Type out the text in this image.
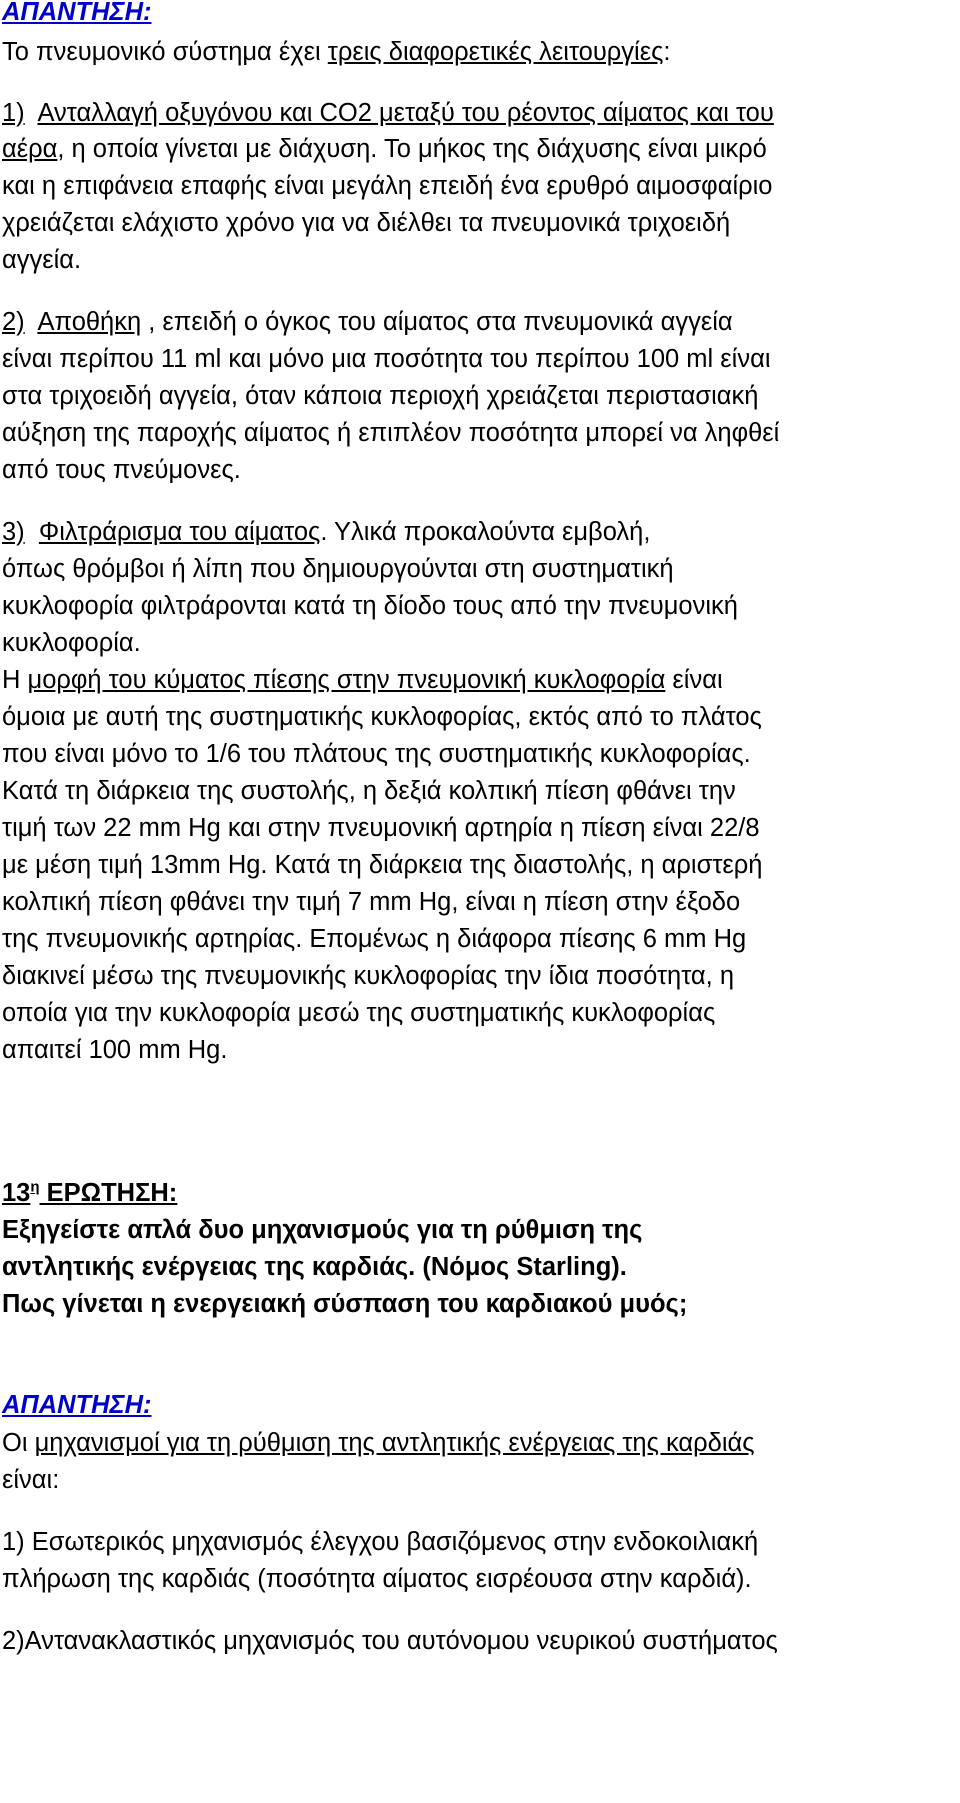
ΑΠΑΝΤΗΣΗ:
Το πνευμονικό σύστημα έχει τρεις διαφορετικές λειτουργίες:
1) Ανταλλαγή οξυγόνου και CO2 μεταξύ του ρέοντος αίματος και του
αέρα, η οποία γίνεται με διάχυση. Το μήκος της διάχυσης είναι μικρό
και η επιφάνεια επαφής είναι μεγάλη επειδή ένα ερυθρό αιμοσφαίριο
χρειάζεται ελάχιστο χρόνο για να διέλθει τα πνευμονικά τριχοειδή
αγγεία.
2) Αποθήκη , επειδή ο όγκος του αίματος στα πνευμονικά αγγεία
είναι περίπου 11 ml και μόνο μια ποσότητα του περίπου 100 ml είναι
στα τριχοειδή αγγεία, όταν κάποια περιοχή χρειάζεται περιστασιακή
αύξηση της παροχής αίματος ή επιπλέον ποσότητα μπορεί να ληφθεί
από τους πνεύμονες.
3) Φιλτράρισμα του αίματος. Υλικά προκαλούντα εμβολή,
όπως θρόμβοι ή λίπη που δημιουργούνται στη συστηματική
κυκλοφορία φιλτράρονται κατά τη δίοδο τους από την πνευμονική
κυκλοφορία.
Η μορφή του κύματος πίεσης στην πνευμονική κυκλοφορία είναι
όμοια με αυτή της συστηματικής κυκλοφορίας, εκτός από το πλάτος
που είναι μόνο το 1/6 του πλάτους της συστηματικής κυκλοφορίας.
Κατά τη διάρκεια της συστολής, η δεξιά κολπική πίεση φθάνει την
τιμή των 22 mm Hg και στην πνευμονική αρτηρία η πίεση είναι 22/8
με μέση τιμή 13mm Hg. Κατά τη διάρκεια της διαστολής, η αριστερή
κολπική πίεση φθάνει την τιμή 7 mm Hg, είναι η πίεση στην έξοδο
της πνευμονικής αρτηρίας. Επομένως η διάφορα πίεσης 6 mm Hg
διακινεί μέσω της πνευμονικής κυκλοφορίας την ίδια ποσότητα, η
οποία για την κυκλοφορία μεσώ της συστηματικής κυκλοφορίας
απαιτεί 100 mm Hg.
$13^\eta$ ΕΡΩΤΗΣΗ:
Εξηγείστε απλά δυο μηχανισμούς για τη ρύθμιση της
αντλητικής ενέργειας της καρδιάς. (Νόμος Starling).
Πως γίνεται η ενεργειακή σύσπαση του καρδιακού μυός;
ΑΠΑΝΤΗΣΗ:
Οι μηχανισμοί για τη ρύθμιση της αντλητικής ενέργειας της καρδιάς
είναι:
1) Εσωτερικός μηχανισμός έλεγχου βασιζόμενος στην ενδοκοιλιακή
πλήρωση της καρδιάς (ποσότητα αίματος εισρέουσα στην καρδιά).
2)Αντανακλαστικός μηχανισμός του αυτόνομου νευρικού συστήματος
